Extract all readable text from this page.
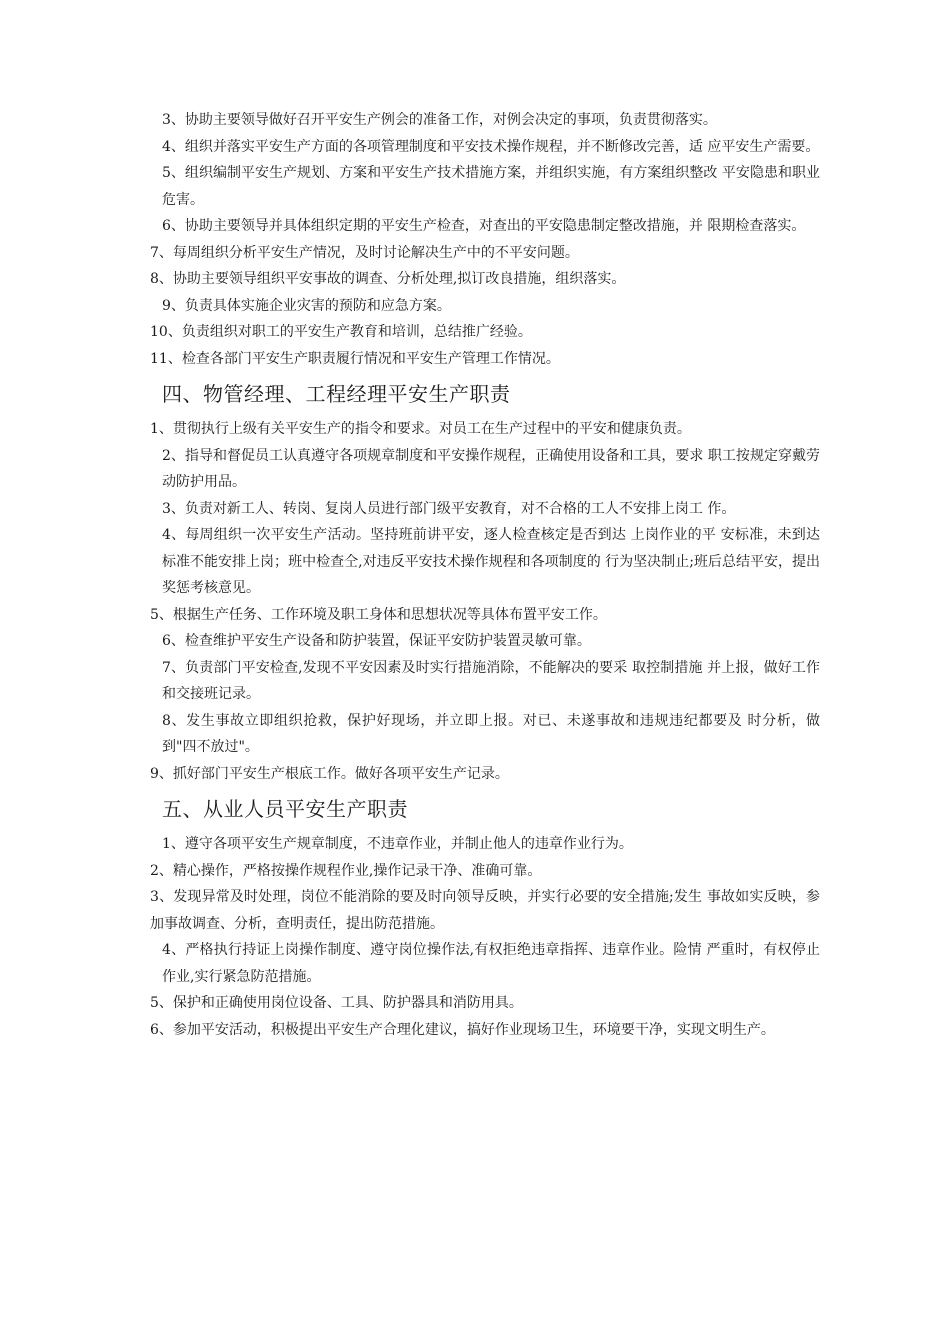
3、协助主要领导做好召开平安生产例会的准备工作，对例会决定的事项，负责贯彻落实。

4、组织并落实平安生产方面的各项管理制度和平安技术操作规程，并不断修改完善，适 应平安生产需要。

5、组织编制平安生产规划、方案和平安生产技术措施方案，并组织实施，有方案组织整改 平安隐患和职业危害。

6、协助主要领导并具体组织定期的平安生产检查，对查出的平安隐患制定整改措施，并 限期检查落实。

7、每周组织分析平安生产情况，及时讨论解决生产中的不平安问题。

8、协助主要领导组织平安事故的调查、分析处理,拟订改良措施，组织落实。

9、负责具体实施企业灾害的预防和应急方案。

10、负责组织对职工的平安生产教育和培训，总结推广经验。

11、检查各部门平安生产职责履行情况和平安生产管理工作情况。

四、物管经理、工程经理平安生产职责

1、贯彻执行上级有关平安生产的指令和要求。对员工在生产过程中的平安和健康负责。

2、指导和督促员工认真遵守各项规章制度和平安操作规程，正确使用设备和工具，要求 职工按规定穿戴劳动防护用品。

3、负责对新工人、转岗、复岗人员进行部门级平安教育，对不合格的工人不安排上岗工 作。

4、每周组织一次平安生产活动。坚持班前讲平安，逐人检查核定是否到达 上岗作业的平 安标准，未到达标准不能安排上岗；班中检查仝,对违反平安技术操作规程和各项制度的 行为坚决制止;班后总结平安，提出奖惩考核意见。

5、根据生产任务、工作环境及职工身体和思想状况等具体布置平安工作。

6、检查维护平安生产设备和防护装置，保证平安防护装置灵敏可靠。

7、负责部门平安检查,发现不平安因素及时实行措施消除，不能解决的要采 取控制措施 并上报，做好工作和交接班记录。

8、发生事故立即组织抢救，保护好现场，并立即上报。对已、未遂事故和违规违纪都要及 时分析，做到"四不放过"。

9、抓好部门平安生产根底工作。做好各项平安生产记录。

五、从业人员平安生产职责

1、遵守各项平安生产规章制度，不违章作业，并制止他人的违章作业行为。

2、精心操作，严格按操作规程作业,操作记录干净、准确可靠。

3、发现异常及时处理，岗位不能消除的要及时向领导反映，并实行必要的安全措施;发生 事故如实反映，参加事故调查、分析，查明责任，提出防范措施。

4、严格执行持证上岗操作制度、遵守岗位操作法,有权拒绝违章指挥、违章作业。险情 严重时，有权停止作业,实行紧急防范措施。

5、保护和正确使用岗位设备、工具、防护器具和消防用具。

6、参加平安活动，积极提出平安生产合理化建议，搞好作业现场卫生，环境要干净，实现文明生产。
